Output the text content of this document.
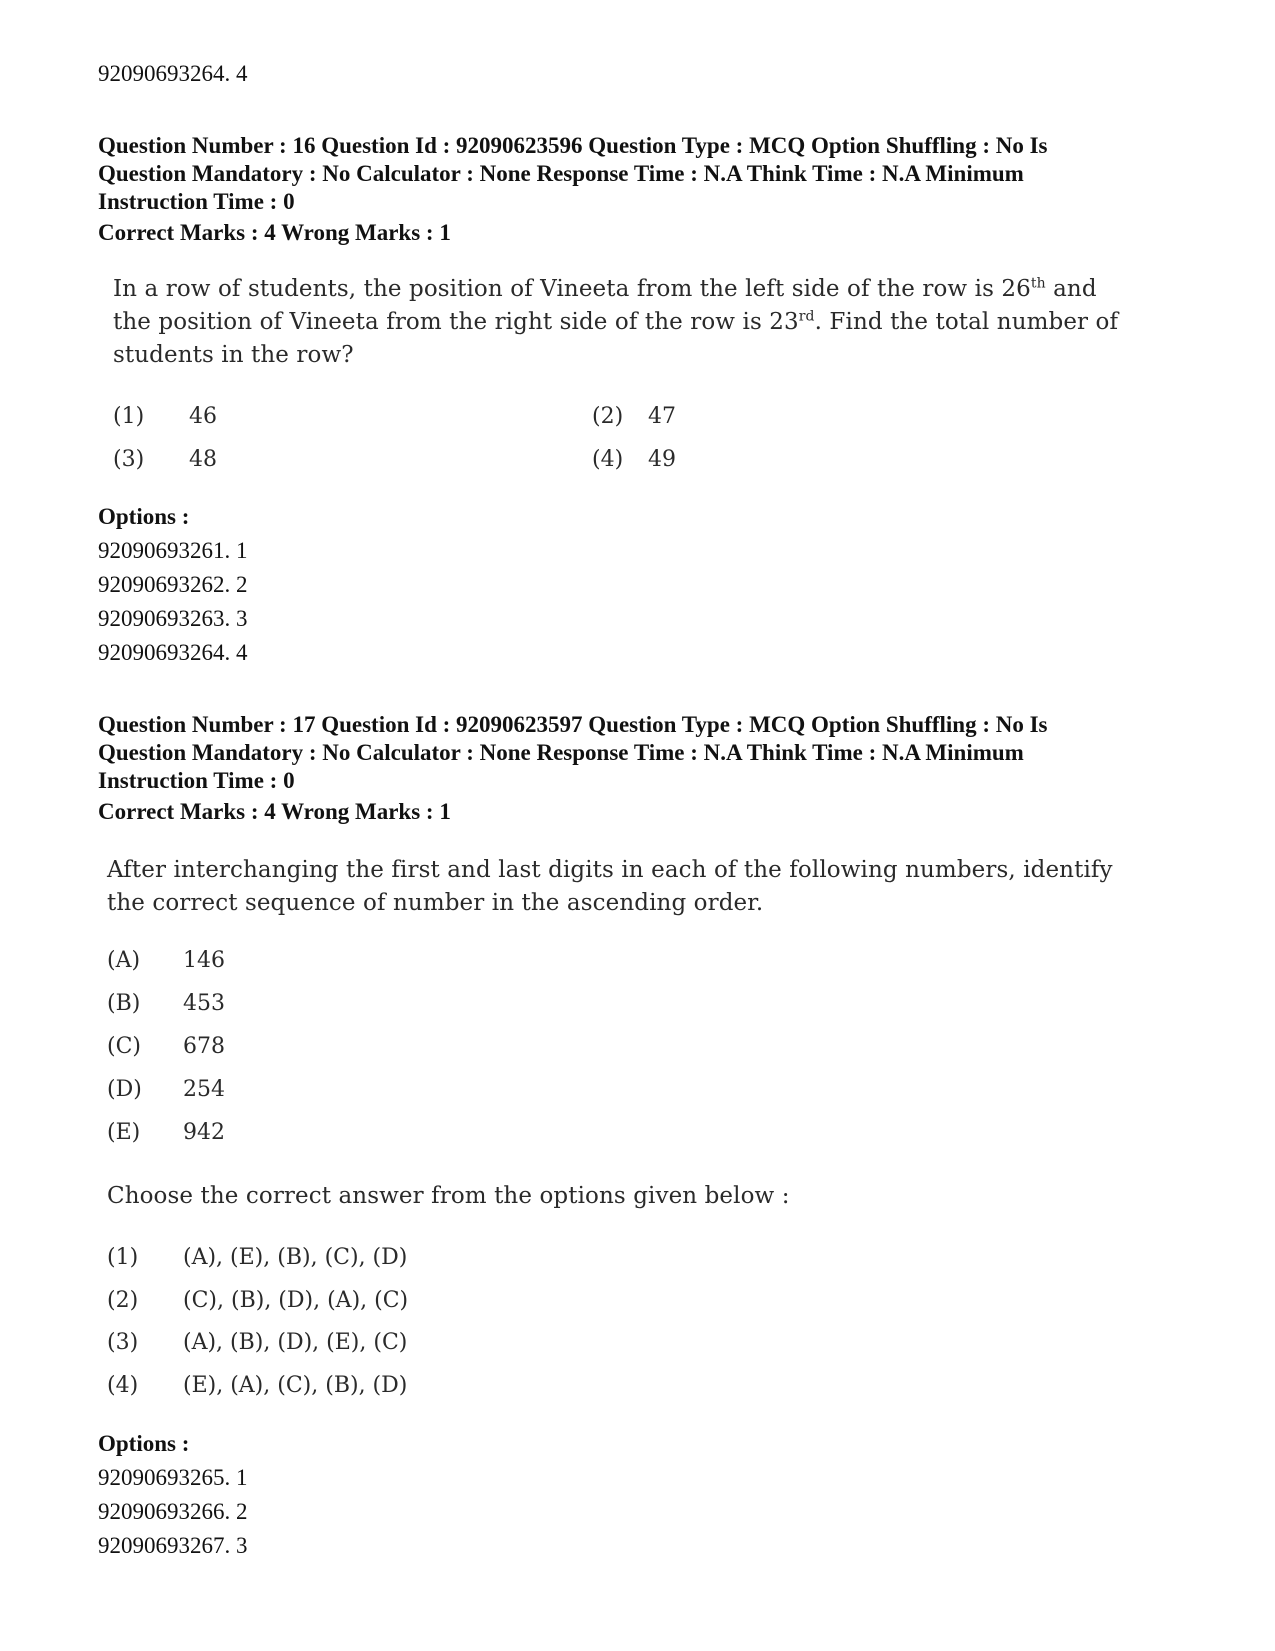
92090693264. 4
Question Number : 16 Question Id : 92090623596 Question Type : MCQ Option Shuffling : No Is
Question Mandatory : No Calculator : None Response Time : N.A Think Time : N.A Minimum
Instruction Time : 0
Correct Marks : 4 Wrong Marks : 1
In a row of students, the position of Vineeta from the left side of the row is 26th and
the position of Vineeta from the right side of the row is 23rd. Find the total number of
students in the row?
(1) 46	(2) 47
(3) 48	(4) 49
Options :
92090693261. 1
92090693262. 2
92090693263. 3
92090693264. 4
Question Number : 17 Question Id : 92090623597 Question Type : MCQ Option Shuffling : No Is
Question Mandatory : No Calculator : None Response Time : N.A Think Time : N.A Minimum
Instruction Time : 0
Correct Marks : 4 Wrong Marks : 1
After interchanging the first and last digits in each of the following numbers, identify
the correct sequence of number in the ascending order.
(A) 146
(B) 453
(C) 678
(D) 254
(E) 942
Choose the correct answer from the options given below :
(1) (A), (E), (B), (C), (D)
(2) (C), (B), (D), (A), (C)
(3) (A), (B), (D), (E), (C)
(4) (E), (A), (C), (B), (D)
Options :
92090693265. 1
92090693266. 2
92090693267. 3
